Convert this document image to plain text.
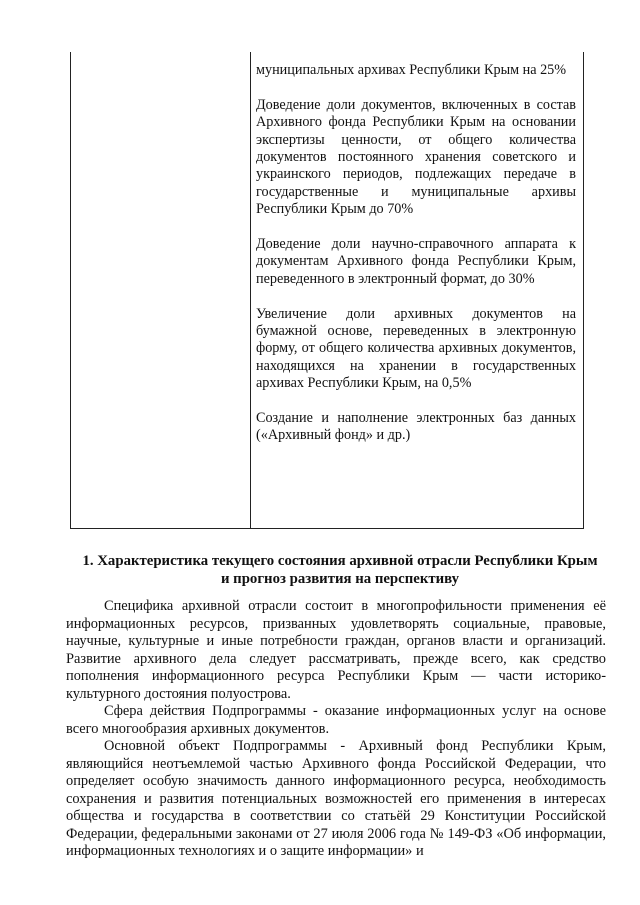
муниципальных архивах Республики Крым на 25%

Доведение доли документов, включенных в состав Архивного фонда Республики Крым на основании экспертизы ценности, от общего количества документов постоянного хранения советского и украинского периодов, подлежащих передаче в государственные и муниципальные архивы Республики Крым до 70%

Доведение доли научно-справочного аппарата к документам Архивного фонда Республики Крым, переведенного в электронный формат, до 30%

Увеличение доли архивных документов на бумажной основе, переведенных в электронную форму, от общего количества архивных документов, находящихся на хранении в государственных архивах Республики Крым, на 0,5%

Создание и наполнение электронных баз данных («Архивный фонд» и др.)

1. Характеристика текущего состояния архивной отрасли Республики Крым и прогноз развития на перспективу

Специфика архивной отрасли состоит в многопрофильности применения её информационных ресурсов, призванных удовлетворять социальные, правовые, научные, культурные и иные потребности граждан, органов власти и организаций. Развитие архивного дела следует рассматривать, прежде всего, как средство пополнения информационного ресурса Республики Крым — части историко-культурного достояния полуострова.

Сфера действия Подпрограммы - оказание информационных услуг на основе всего многообразия архивных документов.

Основной объект Подпрограммы - Архивный фонд Республики Крым, являющийся неотъемлемой частью Архивного фонда Российской Федерации, что определяет особую значимость данного информационного ресурса, необходимость сохранения и развития потенциальных возможностей его применения в интересах общества и государства в соответствии со статьёй 29 Конституции Российской Федерации, федеральными законами от 27 июля 2006 года № 149-ФЗ «Об информации, информационных технологиях и о защите информации» и
